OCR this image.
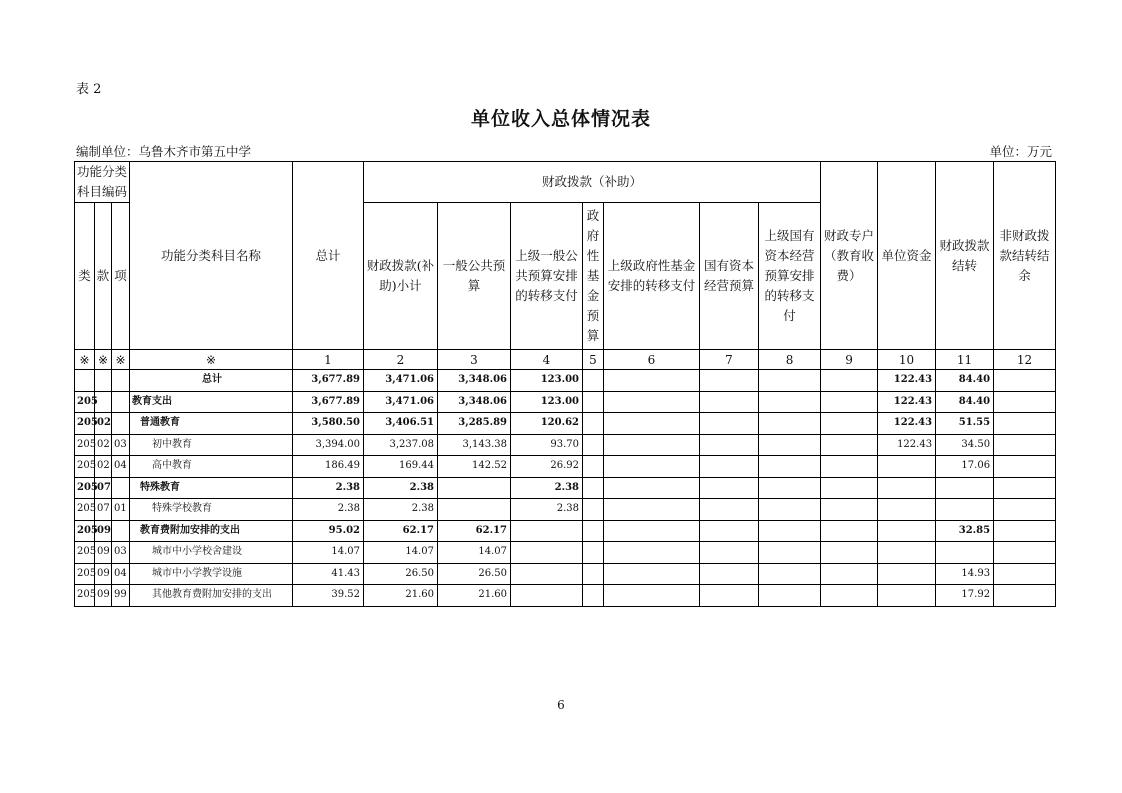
表 2
单位收入总体情况表
编制单位：乌鲁木齐市第五中学	单位：万元
功能分类科目编码			功能分类科目名称	总计	财政拨款（补助）							财政专户（教育收费）	单位资金	财政拨款结转	非财政拨款结转结余
类	款	项			财政拨款(补助)小计	一般公共预算	上级一般公共预算安排的转移支付	政府性基金预算	上级政府性基金安排的转移支付	国有资本经营预算	上级国有资本经营预算安排的转移支付				
※	※	※	※	1	2	3	4	5	6	7	8	9	10	11	12
			总计	3,677.89	3,471.06	3,348.06	123.00						122.43	84.40	
205			教育支出	3,677.89	3,471.06	3,348.06	123.00						122.43	84.40	
205	02		普通教育	3,580.50	3,406.51	3,285.89	120.62						122.43	51.55	
205	02	03	初中教育	3,394.00	3,237.08	3,143.38	93.70						122.43	34.50	
205	02	04	高中教育	186.49	169.44	142.52	26.92							17.06	
205	07		特殊教育	2.38	2.38		2.38								
205	07	01	特殊学校教育	2.38	2.38		2.38								
205	09		教育费附加安排的支出	95.02	62.17	62.17								32.85	
205	09	03	城市中小学校舍建设	14.07	14.07	14.07									
205	09	04	城市中小学教学设施	41.43	26.50	26.50								14.93	
205	09	99	其他教育费附加安排的支出	39.52	21.60	21.60								17.92	
6
